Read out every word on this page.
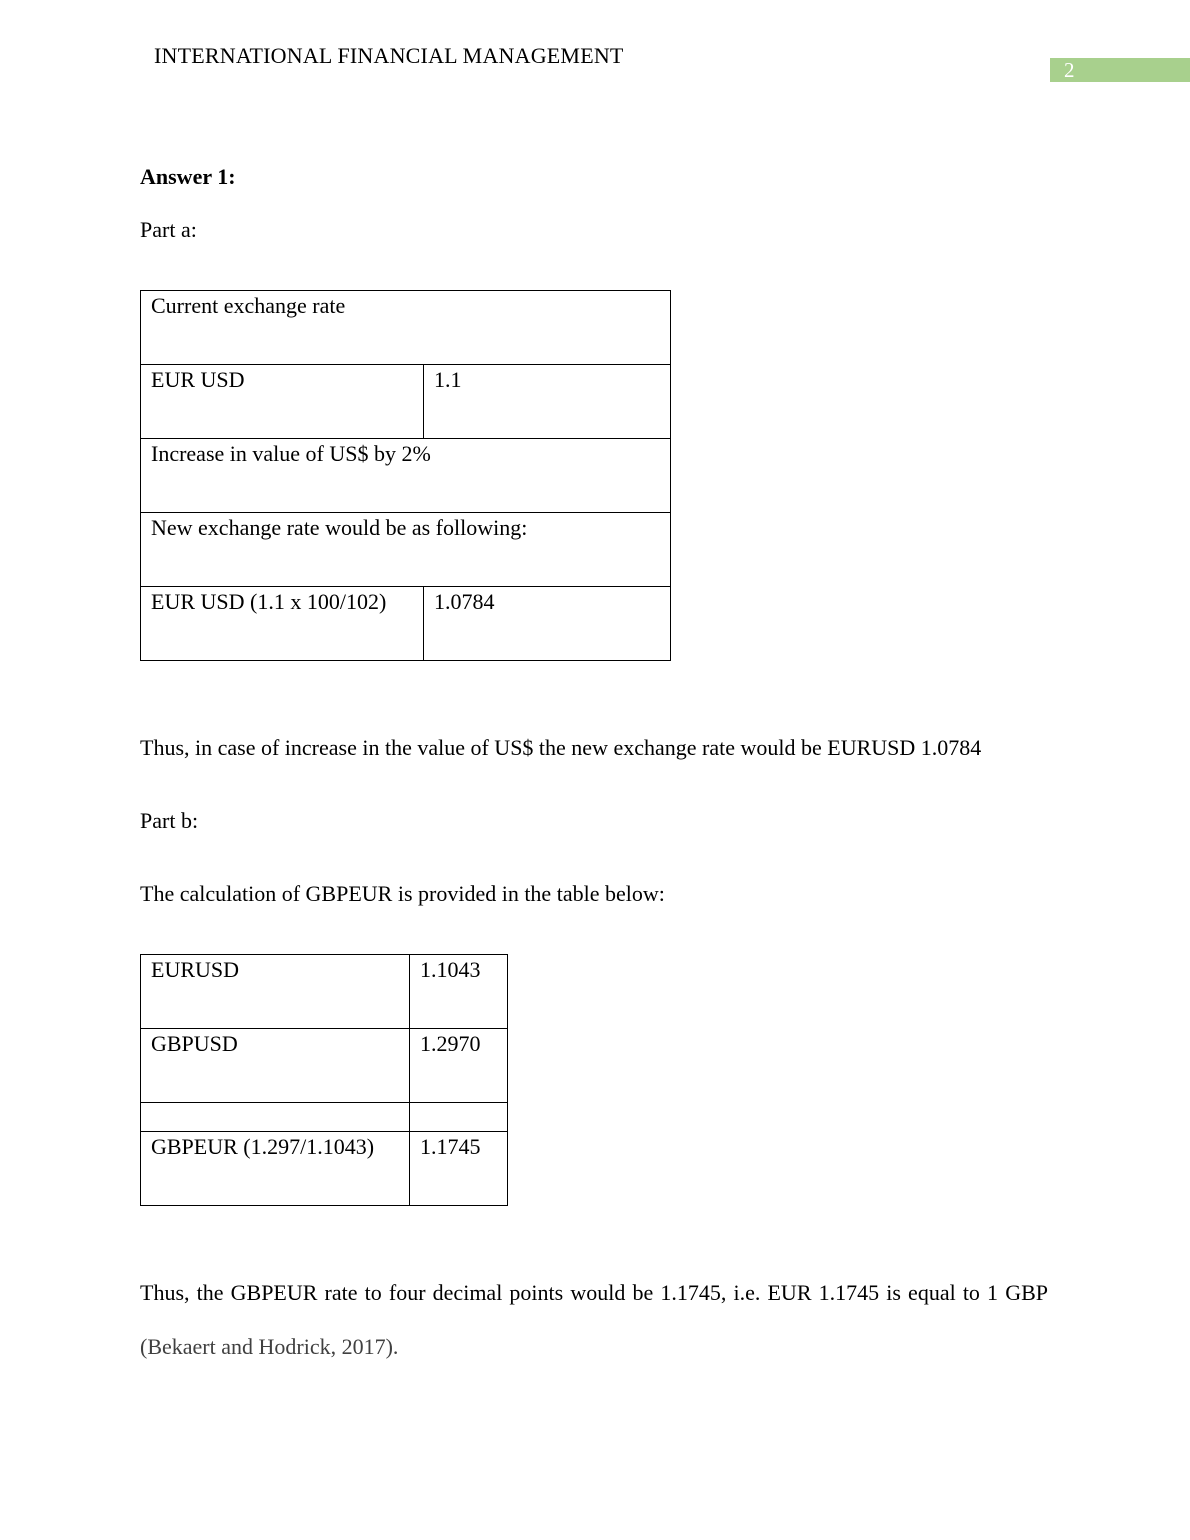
INTERNATIONAL FINANCIAL MANAGEMENT
2
Answer 1:
Part a:
Current exchange rate	
EUR USD	1.1
Increase in value of US$ by 2%	
New exchange rate would be as following:	
EUR USD (1.1 x 100/102)	1.0784
Thus, in case of increase in the value of US$ the new exchange rate would be EURUSD 1.0784
Part b:
The calculation of GBPEUR is provided in the table below:
EURUSD	1.1043
GBPUSD	1.2970

GBPEUR (1.297/1.1043)	1.1745
Thus, the GBPEUR rate to four decimal points would be 1.1745, i.e. EUR 1.1745 is equal to 1 GBP (Bekaert and Hodrick, 2017).
